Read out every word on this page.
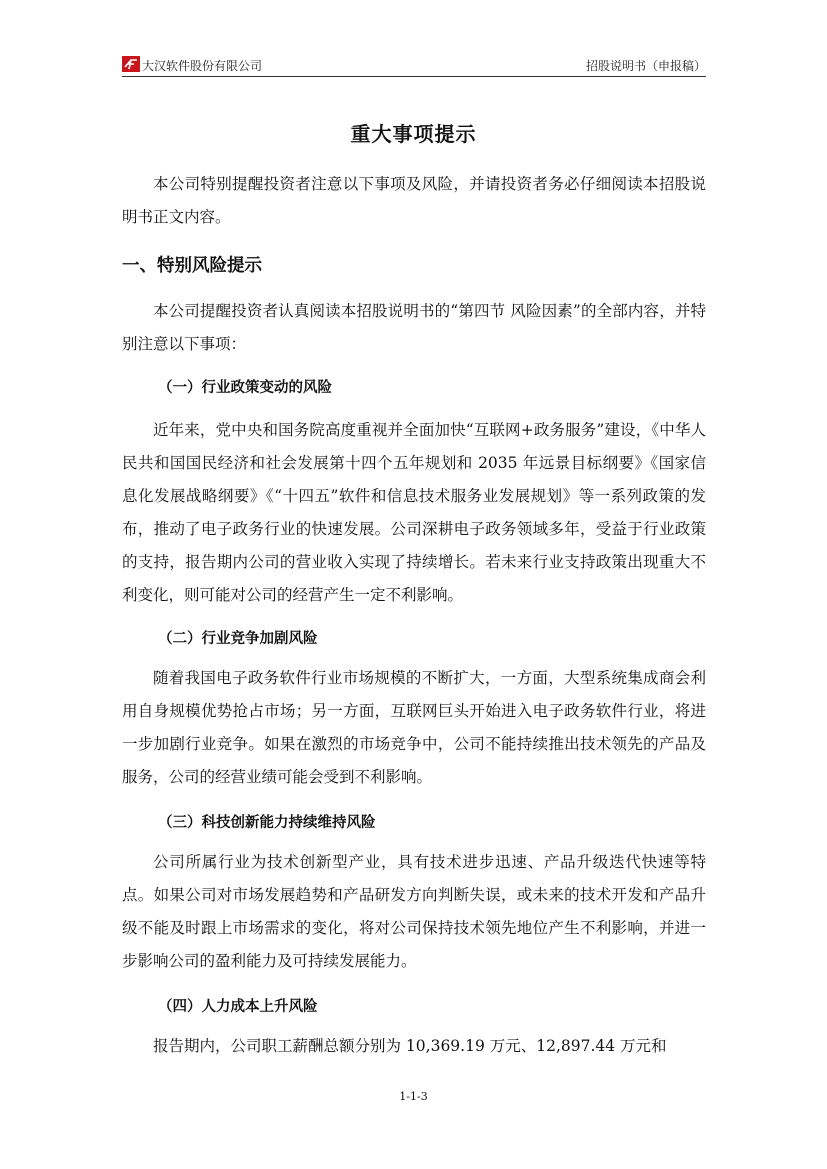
大汉软件股份有限公司	招股说明书（申报稿）
重大事项提示

本公司特别提醒投资者注意以下事项及风险，并请投资者务必仔细阅读本招股说明书正文内容。

一、特别风险提示

本公司提醒投资者认真阅读本招股说明书的“第四节 风险因素”的全部内容，并特别注意以下事项：

（一）行业政策变动的风险

近年来，党中央和国务院高度重视并全面加快“互联网+政务服务”建设，《中华人民共和国国民经济和社会发展第十四个五年规划和 2035 年远景目标纲要》《国家信息化发展战略纲要》《“十四五”软件和信息技术服务业发展规划》等一系列政策的发布，推动了电子政务行业的快速发展。公司深耕电子政务领域多年，受益于行业政策的支持，报告期内公司的营业收入实现了持续增长。若未来行业支持政策出现重大不利变化，则可能对公司的经营产生一定不利影响。

（二）行业竞争加剧风险

随着我国电子政务软件行业市场规模的不断扩大，一方面，大型系统集成商会利用自身规模优势抢占市场；另一方面，互联网巨头开始进入电子政务软件行业，将进一步加剧行业竞争。如果在激烈的市场竞争中，公司不能持续推出技术领先的产品及服务，公司的经营业绩可能会受到不利影响。

（三）科技创新能力持续维持风险

公司所属行业为技术创新型产业，具有技术进步迅速、产品升级迭代快速等特点。如果公司对市场发展趋势和产品研发方向判断失误，或未来的技术开发和产品升级不能及时跟上市场需求的变化，将对公司保持技术领先地位产生不利影响，并进一步影响公司的盈利能力及可持续发展能力。

（四）人力成本上升风险

报告期内，公司职工薪酬总额分别为 10,369.19 万元、12,897.44 万元和

1-1-3
